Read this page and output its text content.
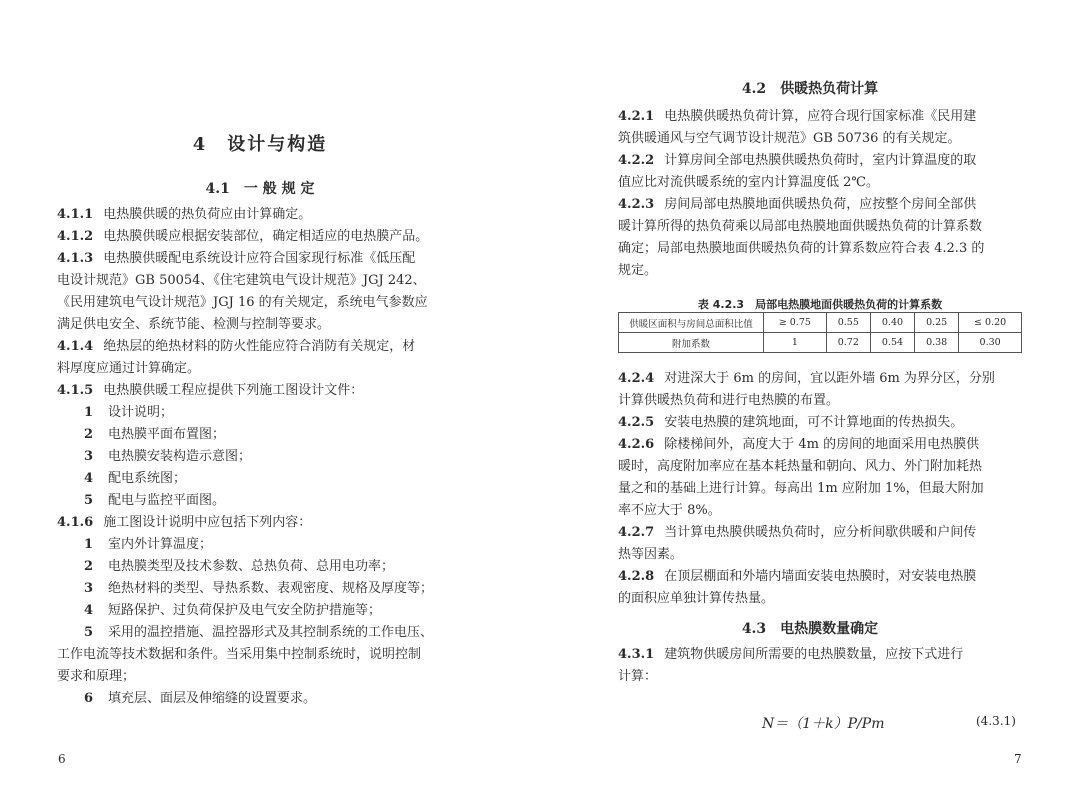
4　设计与构造
4.1　一 般 规 定
4.1.1 电热膜供暖的热负荷应由计算确定。
4.1.2 电热膜供暖应根据安装部位，确定相适应的电热膜产品。
4.1.3 电热膜供暖配电系统设计应符合国家现行标准《低压配
电设计规范》GB 50054、《住宅建筑电气设计规范》JGJ 242、
《民用建筑电气设计规范》JGJ 16 的有关规定，系统电气参数应
满足供电安全、系统节能、检测与控制等要求。
4.1.4 绝热层的绝热材料的防火性能应符合消防有关规定，材
料厚度应通过计算确定。
4.1.5 电热膜供暖工程应提供下列施工图设计文件：
1 设计说明；
2 电热膜平面布置图；
3 电热膜安装构造示意图；
4 配电系统图；
5 配电与监控平面图。
4.1.6 施工图设计说明中应包括下列内容：
1 室内外计算温度；
2 电热膜类型及技术参数、总热负荷、总用电功率；
3 绝热材料的类型、导热系数、表观密度、规格及厚度等；
4 短路保护、过负荷保护及电气安全防护措施等；
5 采用的温控措施、温控器形式及其控制系统的工作电压、
工作电流等技术数据和条件。当采用集中控制系统时，说明控制
要求和原理；
6 填充层、面层及伸缩缝的设置要求。
6
4.2　供暖热负荷计算
4.2.1 电热膜供暖热负荷计算，应符合现行国家标准《民用建
筑供暖通风与空气调节设计规范》GB 50736 的有关规定。
4.2.2 计算房间全部电热膜供暖热负荷时，室内计算温度的取
值应比对流供暖系统的室内计算温度低 2℃。
4.2.3 房间局部电热膜地面供暖热负荷，应按整个房间全部供
暖计算所得的热负荷乘以局部电热膜地面供暖热负荷的计算系数
确定；局部电热膜地面供暖热负荷的计算系数应符合表 4.2.3 的
规定。
表 4.2.3　局部电热膜地面供暖热负荷的计算系数
供暖区面积与房间总面积比值	≥ 0.75	0.55	0.40	0.25	≤ 0.20
附加系数	1	0.72	0.54	0.38	0.30
4.2.4 对进深大于 6m 的房间，宜以距外墙 6m 为界分区，分别
计算供暖热负荷和进行电热膜的布置。
4.2.5 安装电热膜的建筑地面，可不计算地面的传热损失。
4.2.6 除楼梯间外，高度大于 4m 的房间的地面采用电热膜供
暖时，高度附加率应在基本耗热量和朝向、风力、外门附加耗热
量之和的基础上进行计算。每高出 1m 应附加 1%，但最大附加
率不应大于 8%。
4.2.7 当计算电热膜供暖热负荷时，应分析间歇供暖和户间传
热等因素。
4.2.8 在顶层棚面和外墙内墙面安装电热膜时，对安装电热膜
的面积应单独计算传热量。
4.3　电热膜数量确定
4.3.1 建筑物供暖房间所需要的电热膜数量，应按下式进行
计算：
N＝（1＋k）P/Pm	(4.3.1)
7
